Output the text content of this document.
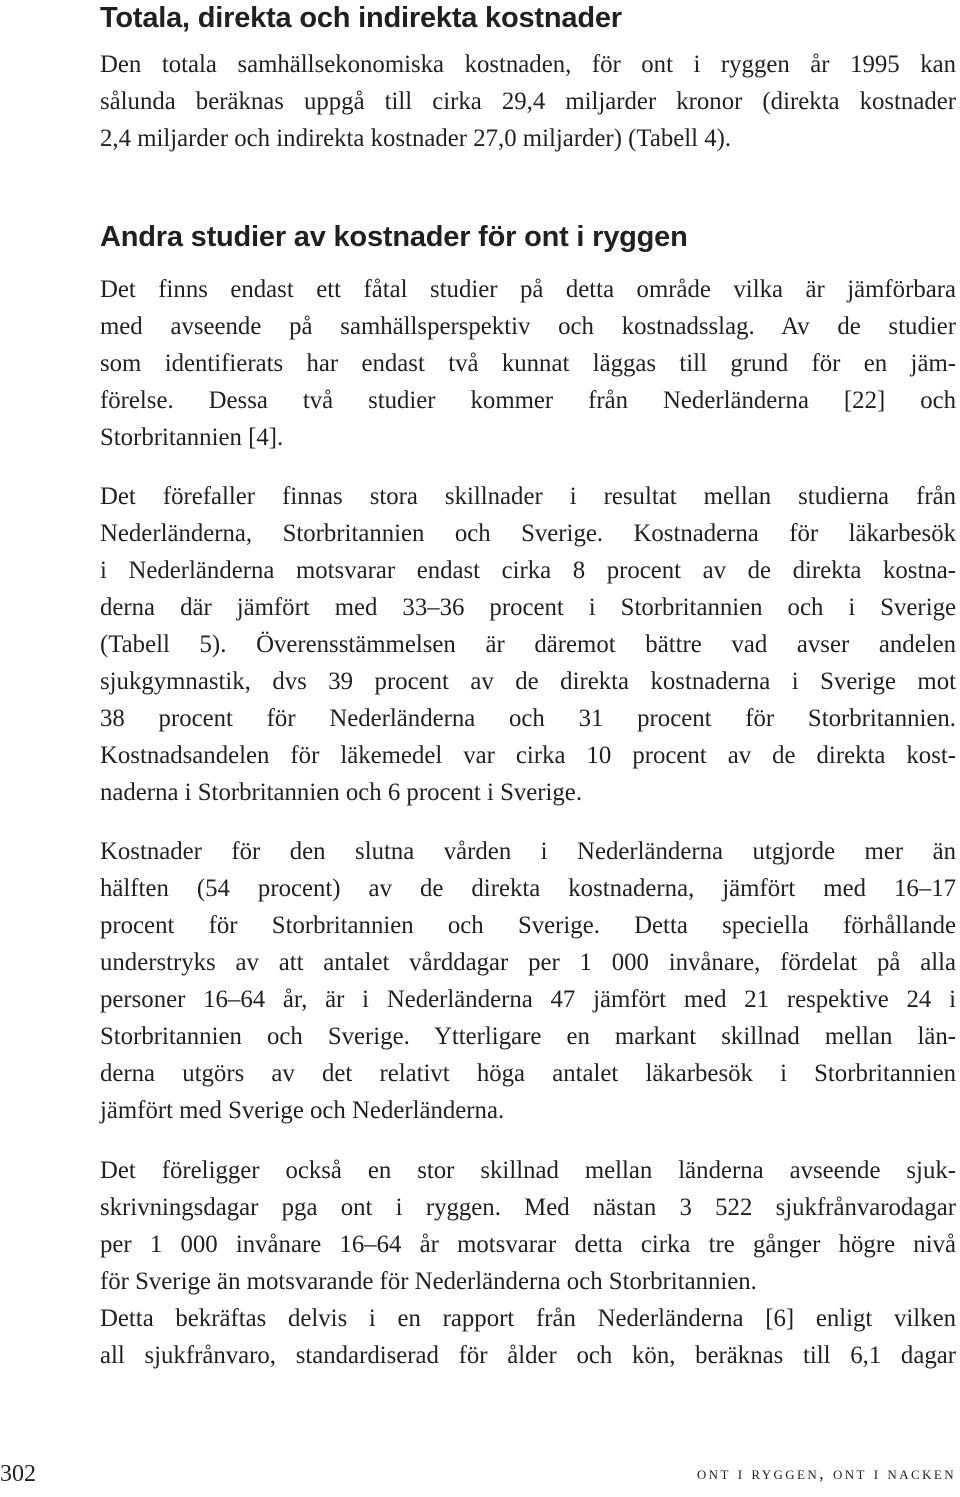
Totala, direkta och indirekta kostnader

Den totala samhällsekonomiska kostnaden, för ont i ryggen år 1995 kan
sålunda beräknas uppgå till cirka 29,4 miljarder kronor (direkta kostnader
2,4 miljarder och indirekta kostnader 27,0 miljarder) (Tabell 4).

Andra studier av kostnader för ont i ryggen

Det finns endast ett fåtal studier på detta område vilka är jämförbara
med avseende på samhällsperspektiv och kostnadsslag. Av de studier
som identifierats har endast två kunnat läggas till grund för en jäm-
förelse. Dessa två studier kommer från Nederländerna [22] och
Storbritannien [4].

Det förefaller finnas stora skillnader i resultat mellan studierna från
Nederländerna, Storbritannien och Sverige. Kostnaderna för läkarbesök
i Nederländerna motsvarar endast cirka 8 procent av de direkta kostna-
derna där jämfört med 33–36 procent i Storbritannien och i Sverige
(Tabell 5). Överensstämmelsen är däremot bättre vad avser andelen
sjukgymnastik, dvs 39 procent av de direkta kostnaderna i Sverige mot
38 procent för Nederländerna och 31 procent för Storbritannien.
Kostnadsandelen för läkemedel var cirka 10 procent av de direkta kost-
naderna i Storbritannien och 6 procent i Sverige.

Kostnader för den slutna vården i Nederländerna utgjorde mer än
hälften (54 procent) av de direkta kostnaderna, jämfört med 16–17
procent för Storbritannien och Sverige. Detta speciella förhållande
understryks av att antalet vårddagar per 1 000 invånare, fördelat på alla
personer 16–64 år, är i Nederländerna 47 jämfört med 21 respektive 24 i
Storbritannien och Sverige. Ytterligare en markant skillnad mellan län-
derna utgörs av det relativt höga antalet läkarbesök i Storbritannien
jämfört med Sverige och Nederländerna.

Det föreligger också en stor skillnad mellan länderna avseende sjuk-
skrivningsdagar pga ont i ryggen. Med nästan 3 522 sjukfrånvarodagar
per 1 000 invånare 16–64 år motsvarar detta cirka tre gånger högre nivå
för Sverige än motsvarande för Nederländerna och Storbritannien.
Detta bekräftas delvis i en rapport från Nederländerna [6] enligt vilken
all sjukfrånvaro, standardiserad för ålder och kön, beräknas till 6,1 dagar

302	ont i ryggen, ont i nacken
